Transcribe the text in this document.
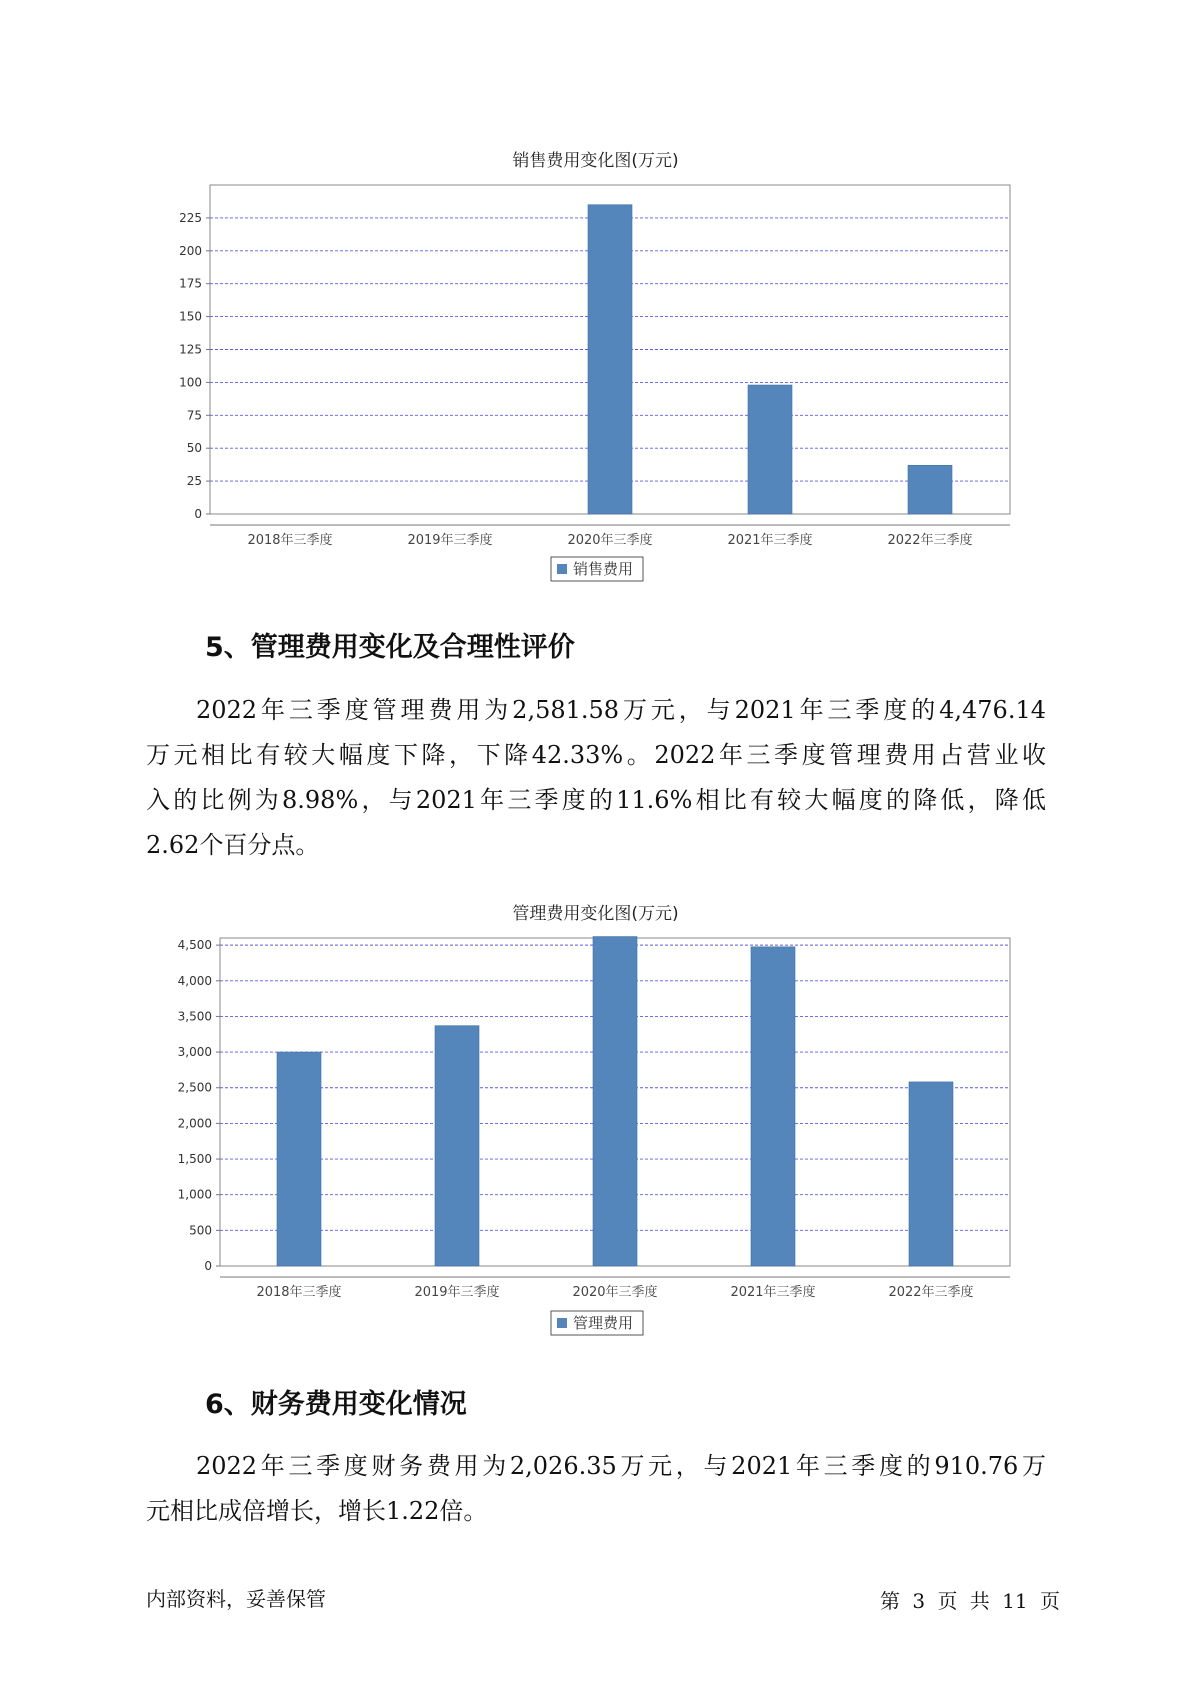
销售费用变化图(万元)
0
25
50
75
100
125
150
175
200
225
2018年三季度	2019年三季度	2020年三季度	2021年三季度	2022年三季度
销售费用
5、管理费用变化及合理性评价
2022年三季度管理费用为2,581.58万元，与2021年三季度的4,476.14
万元相比有较大幅度下降，下降42.33%。2022年三季度管理费用占营业收
入的比例为8.98%，与2021年三季度的11.6%相比有较大幅度的降低，降低
2.62个百分点。
管理费用变化图(万元)
0
500
1,000
1,500
2,000
2,500
3,000
3,500
4,000
4,500
2018年三季度	2019年三季度	2020年三季度	2021年三季度	2022年三季度
管理费用
6、财务费用变化情况
2022年三季度财务费用为2,026.35万元，与2021年三季度的910.76万
元相比成倍增长，增长1.22倍。
内部资料，妥善保管	第 3 页 共 11 页
